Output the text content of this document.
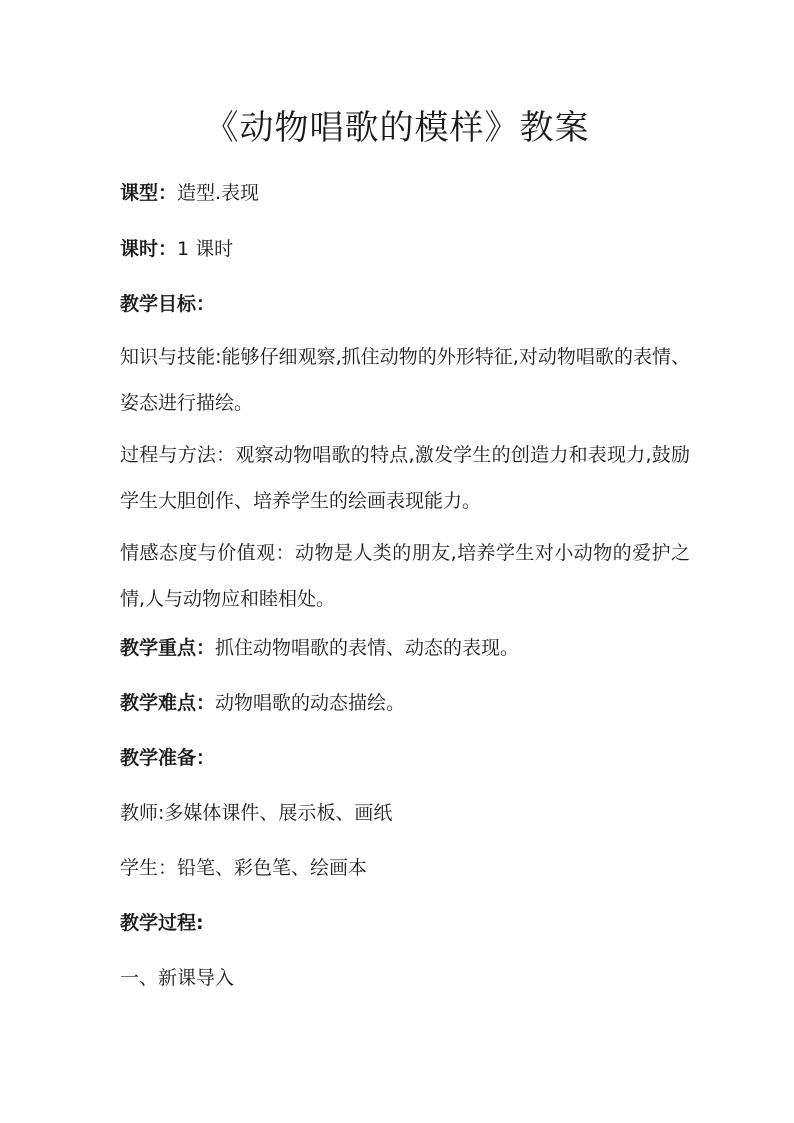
《动物唱歌的模样》教案
课型：造型.表现
课时：1 课时
教学目标：

知识与技能:能够仔细观察,抓住动物的外形特征,对动物唱歌的表情、姿态进行描绘。

过程与方法：观察动物唱歌的特点,激发学生的创造力和表现力,鼓励学生大胆创作、培养学生的绘画表现能力。

情感态度与价值观：动物是人类的朋友,培养学生对小动物的爱护之情,人与动物应和睦相处。

教学重点：抓住动物唱歌的表情、动态的表现。
教学难点：动物唱歌的动态描绘。
教学准备：
教师:多媒体课件、展示板、画纸
学生：铅笔、彩色笔、绘画本
教学过程:
一、新课导入
